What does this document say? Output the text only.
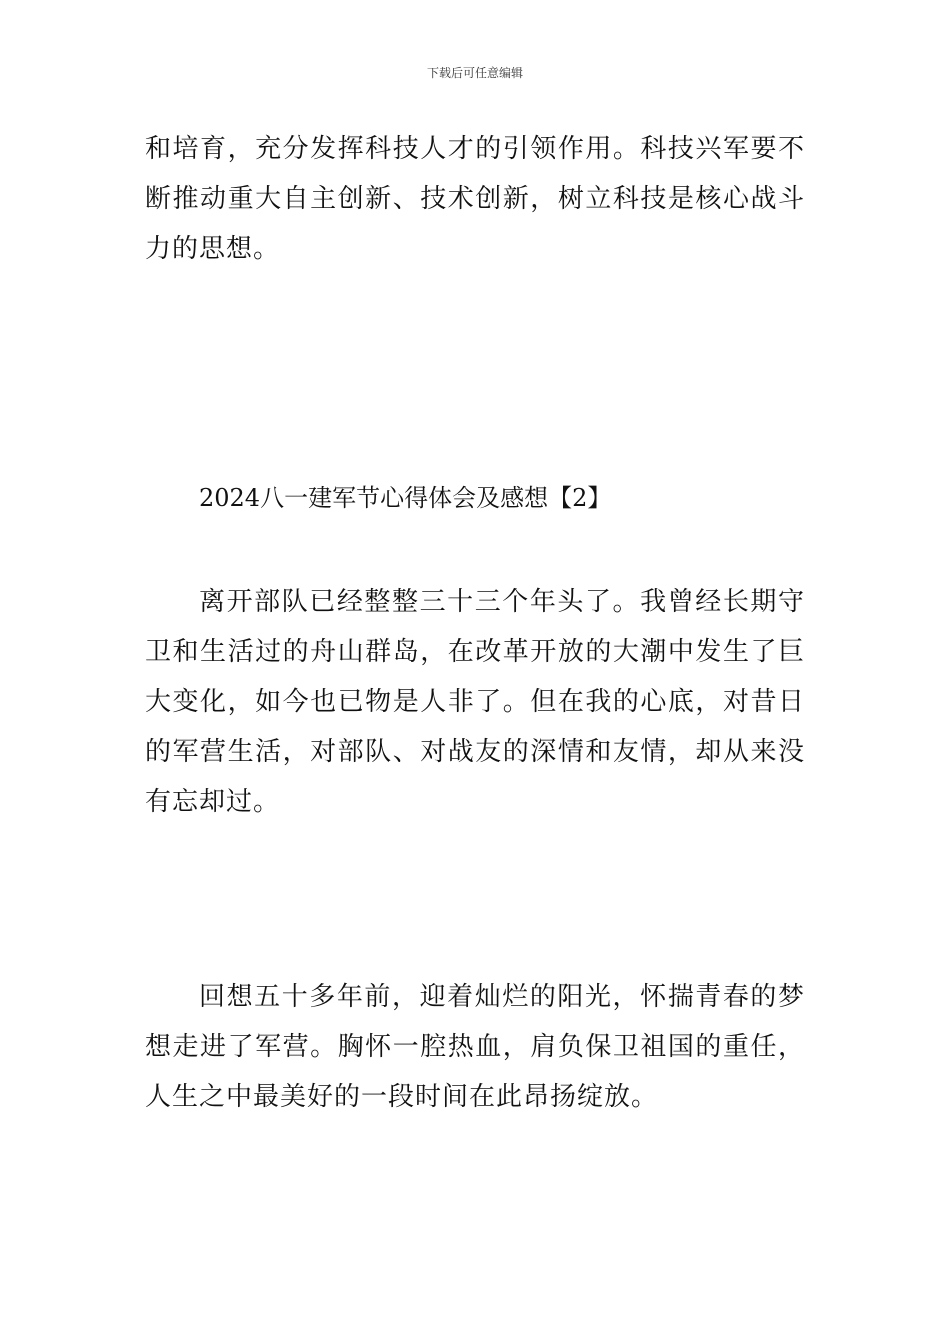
下载后可任意编辑

和培育，充分发挥科技人才的引领作用。科技兴军要不断推动重大自主创新、技术创新，树立科技是核心战斗力的思想。

2024八一建军节心得体会及感想【2】

离开部队已经整整三十三个年头了。我曾经长期守卫和生活过的舟山群岛，在改革开放的大潮中发生了巨大变化，如今也已物是人非了。但在我的心底，对昔日的军营生活，对部队、对战友的深情和友情，却从来没有忘却过。

回想五十多年前，迎着灿烂的阳光，怀揣青春的梦想走进了军营。胸怀一腔热血，肩负保卫祖国的重任，人生之中最美好的一段时间在此昂扬绽放。
